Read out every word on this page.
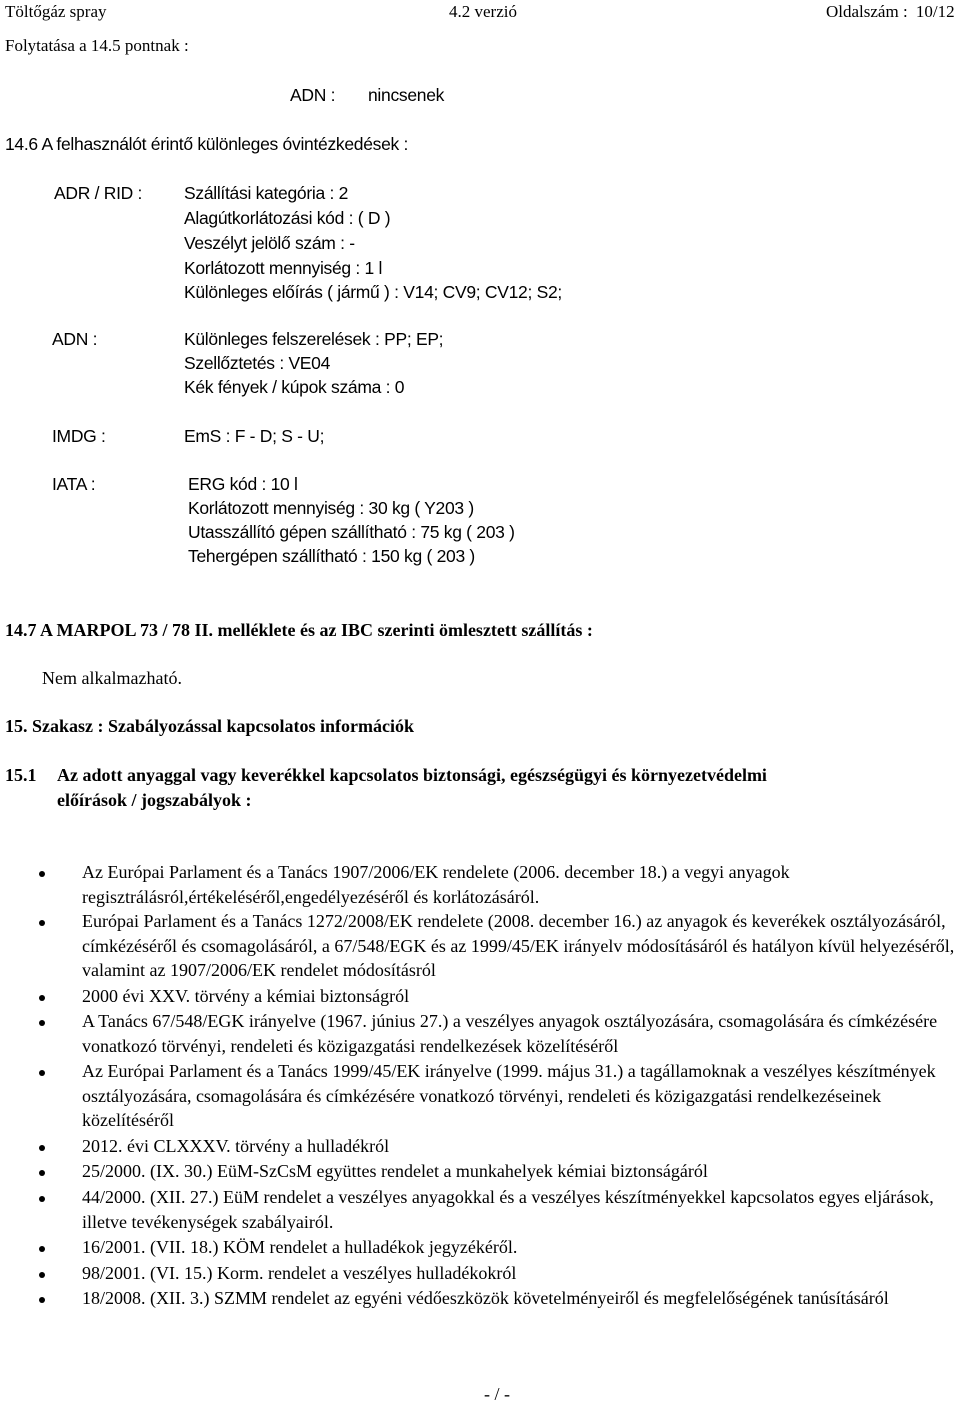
Töltőgáz spray	4.2 verzió	Oldalszám : 10/12
Folytatása a 14.5 pontnak :
ADN : nincsenek
14.6 A felhasználót érintő különleges óvintézkedések :
ADR / RID : Szállítási kategória : 2
Alagútkorlátozási kód : ( D )
Veszélyt jelölő szám : -
Korlátozott mennyiség : 1 l
Különleges előírás ( jármű ) : V14; CV9; CV12; S2;
ADN :	Különleges felszerelések : PP; EP;
Szellőztetés : VE04
Kék fények / kúpok száma : 0
IMDG :	EmS : F - D; S - U;
IATA :	ERG kód : 10 l
Korlátozott mennyiség : 30 kg ( Y203 )
Utasszállító gépen szállítható : 75 kg ( 203 )
Tehergépen szállítható : 150 kg ( 203 )
14.7 A MARPOL 73 / 78 II. melléklete és az IBC szerinti ömlesztett szállítás :
Nem alkalmazható.
15. Szakasz : Szabályozással kapcsolatos információk
15.1 Az adott anyaggal vagy keverékkel kapcsolatos biztonsági, egészségügyi és környezetvédelmi
előírások / jogszabályok :
Az Európai Parlament és a Tanács 1907/2006/EK rendelete (2006. december 18.) a vegyi anyagok regisztrálásról,értékeléséről,engedélyezéséről és korlátozásáról.
Európai Parlament és a Tanács 1272/2008/EK rendelete (2008. december 16.) az anyagok és keverékek osztályozásáról, címkézéséről és csomagolásáról, a 67/548/EGK és az 1999/45/EK irányelv módosításáról és hatályon kívül helyezéséről, valamint az 1907/2006/EK rendelet módosításról
2000 évi XXV. törvény a kémiai biztonságról
A Tanács 67/548/EGK irányelve (1967. június 27.) a veszélyes anyagok osztályozására, csomagolására és címkézésére vonatkozó törvényi, rendeleti és közigazgatási rendelkezések közelítéséről
Az Európai Parlament és a Tanács 1999/45/EK irányelve (1999. május 31.) a tagállamoknak a veszélyes készítmények osztályozására, csomagolására és címkézésére vonatkozó törvényi, rendeleti és közigazgatási rendelkezéseinek közelítéséről
2012. évi CLXXXV. törvény a hulladékról
25/2000. (IX. 30.) EüM-SzCsM együttes rendelet a munkahelyek kémiai biztonságáról
44/2000. (XII. 27.) EüM rendelet a veszélyes anyagokkal és a veszélyes készítményekkel kapcsolatos egyes eljárások, illetve tevékenységek szabályairól.
16/2001. (VII. 18.) KÖM rendelet a hulladékok jegyzékéről.
98/2001. (VI. 15.) Korm. rendelet a veszélyes hulladékokról
18/2008. (XII. 3.) SZMM rendelet az egyéni védőeszközök követelményeiről és megfelelőségének tanúsításáról
- / -
